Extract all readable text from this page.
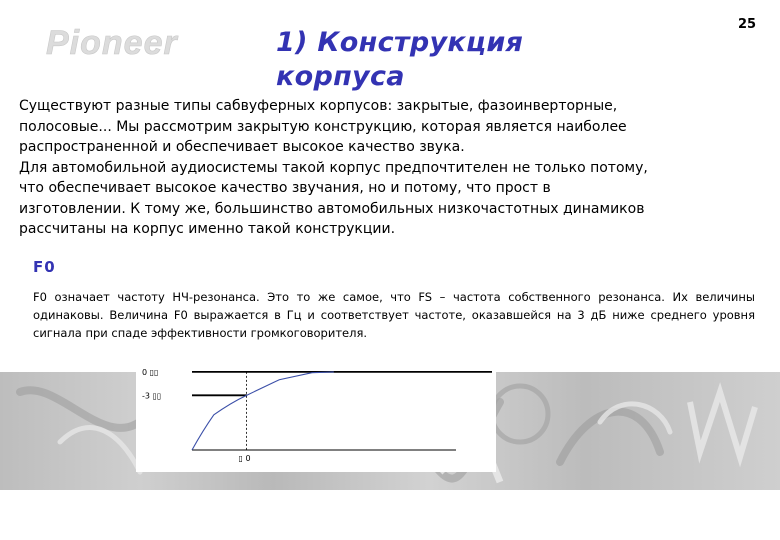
Pioneer	1) Конструкция корпуса
25

Существуют разные типы сабвуферных корпусов: закрытые, фазоинверторные,
полосовые... Мы рассмотрим закрытую конструкцию, которая является наиболее
распространенной и обеспечивает высокое качество звука.
Для автомобильной аудиосистемы такой корпус предпочтителен не только потому,
что обеспечивает высокое качество звучания, но и потому, что прост в
изготовлении. К тому же, большинство автомобильных низкочастотных динамиков
рассчитаны на корпус именно такой конструкции.

F0

F0 означает частоту НЧ-резонанса. Это то же самое, что FS – частота собственного резонанса. Их величины одинаковы. Величина F0 выражается в Гц и соответствует частоте, оказавшейся на 3 дБ ниже среднего уровня сигнала при спаде эффективности громкоговорителя.

0 ▯▯
-3 ▯▯
▯ 0
